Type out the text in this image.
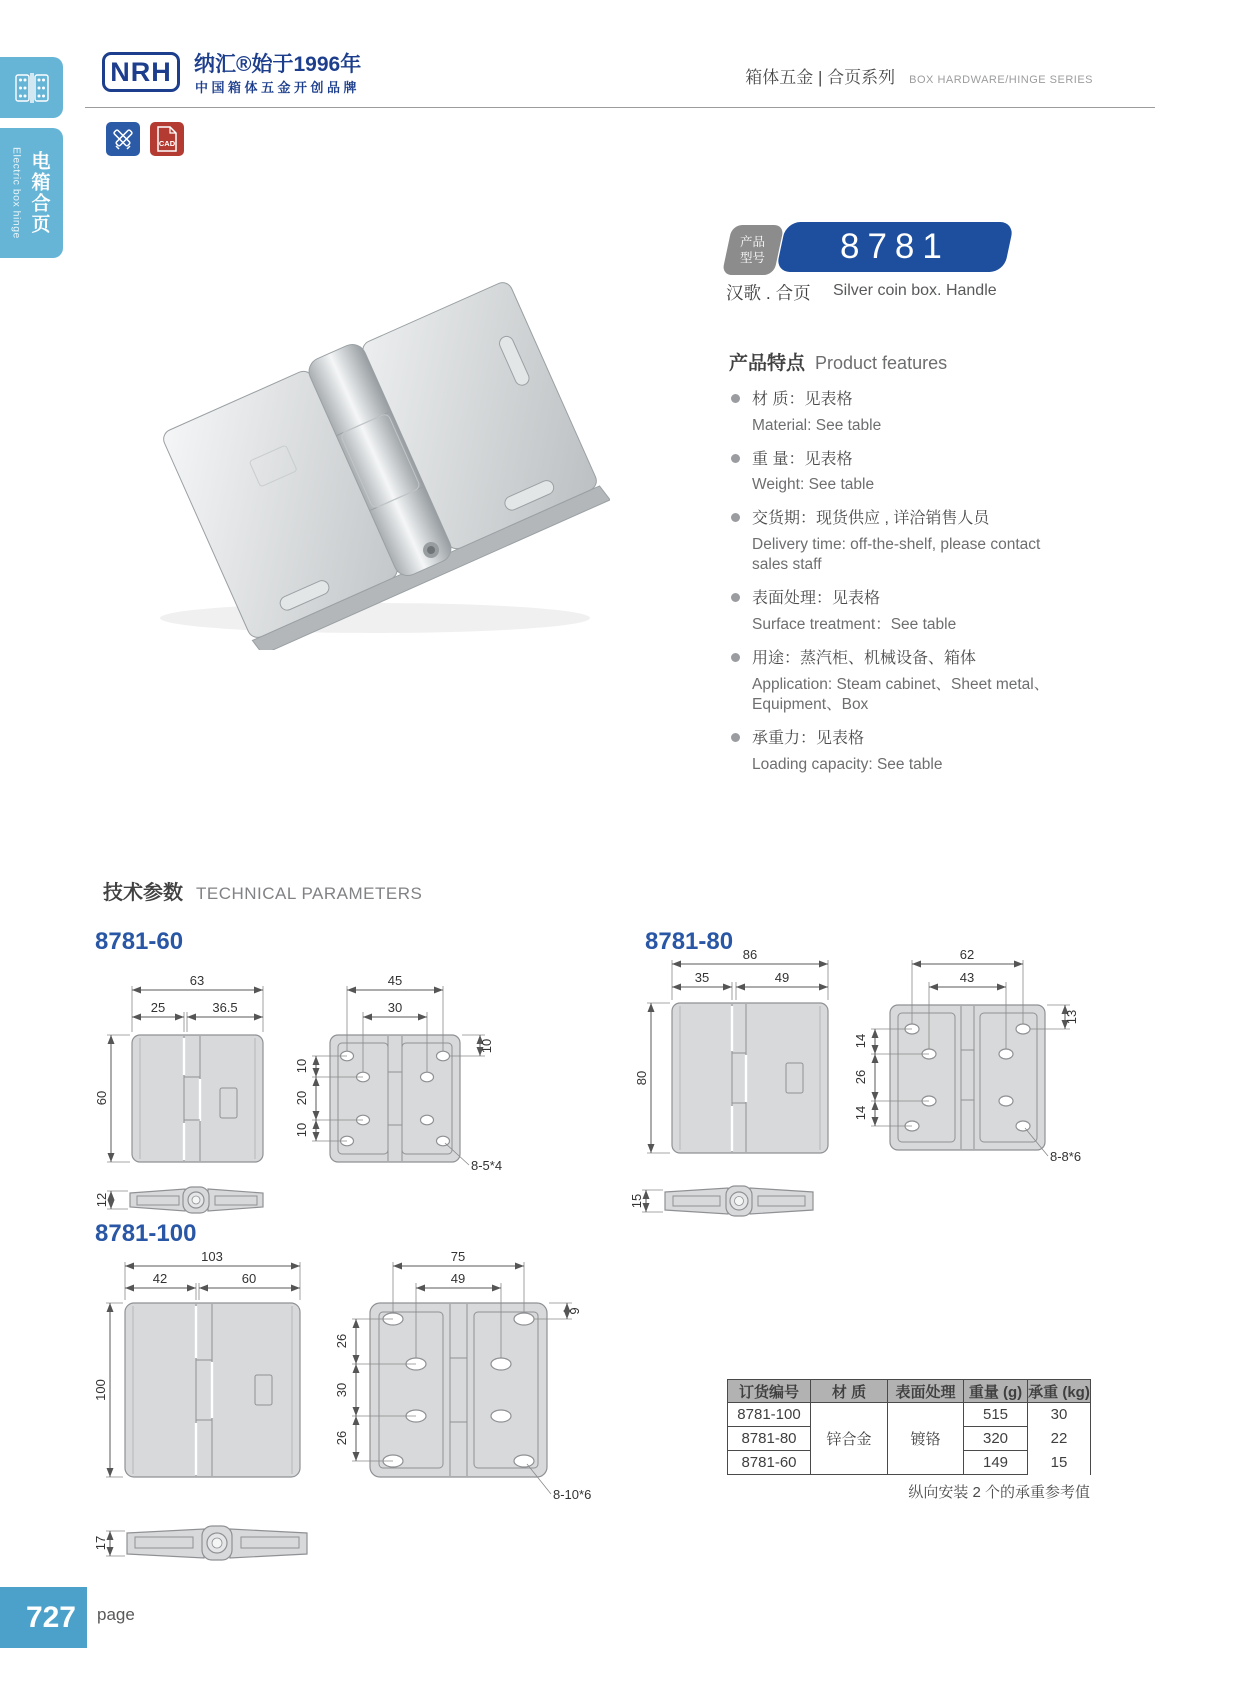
Electric box hinge 电箱合页
NRH 纳汇®始于1996年
中国箱体五金开创品牌
箱体五金 | 合页系列 BOX HARDWARE/HINGE SERIES
CAD
产品
型号 8781
汉歌 . 合页 Silver coin box. Handle
产品特点 Product features
材 质：见表格
Material: See table
重 量：见表格
Weight: See table
交货期：现货供应 , 详洽销售人员
Delivery time: off-the-shelf, please contact sales staff
表面处理：见表格
Surface treatment：See table
用途：蒸汽柜、机械设备、箱体
Application: Steam cabinet、Sheet metal、Equipment、Box
承重力：见表格
Loading capacity: See table
技术参数 TECHNICAL PARAMETERS
8781-60	8781-80
8781-100
63
25	36.5
60
45
30
10
20
10
10
8-5*4
12
86
35	49
80
62
43
14
26
14
13
8-8*6
15
103
42	60
100
75
49
26
30
26
9
8-10*6
17
订货编号	材 质	表面处理	重量 (g)	承重 (kg)
8781-100	锌合金	镀铬	515	30
8781-80			320	22
8781-60			149	15
纵向安装 2 个的承重参考值
727 page
